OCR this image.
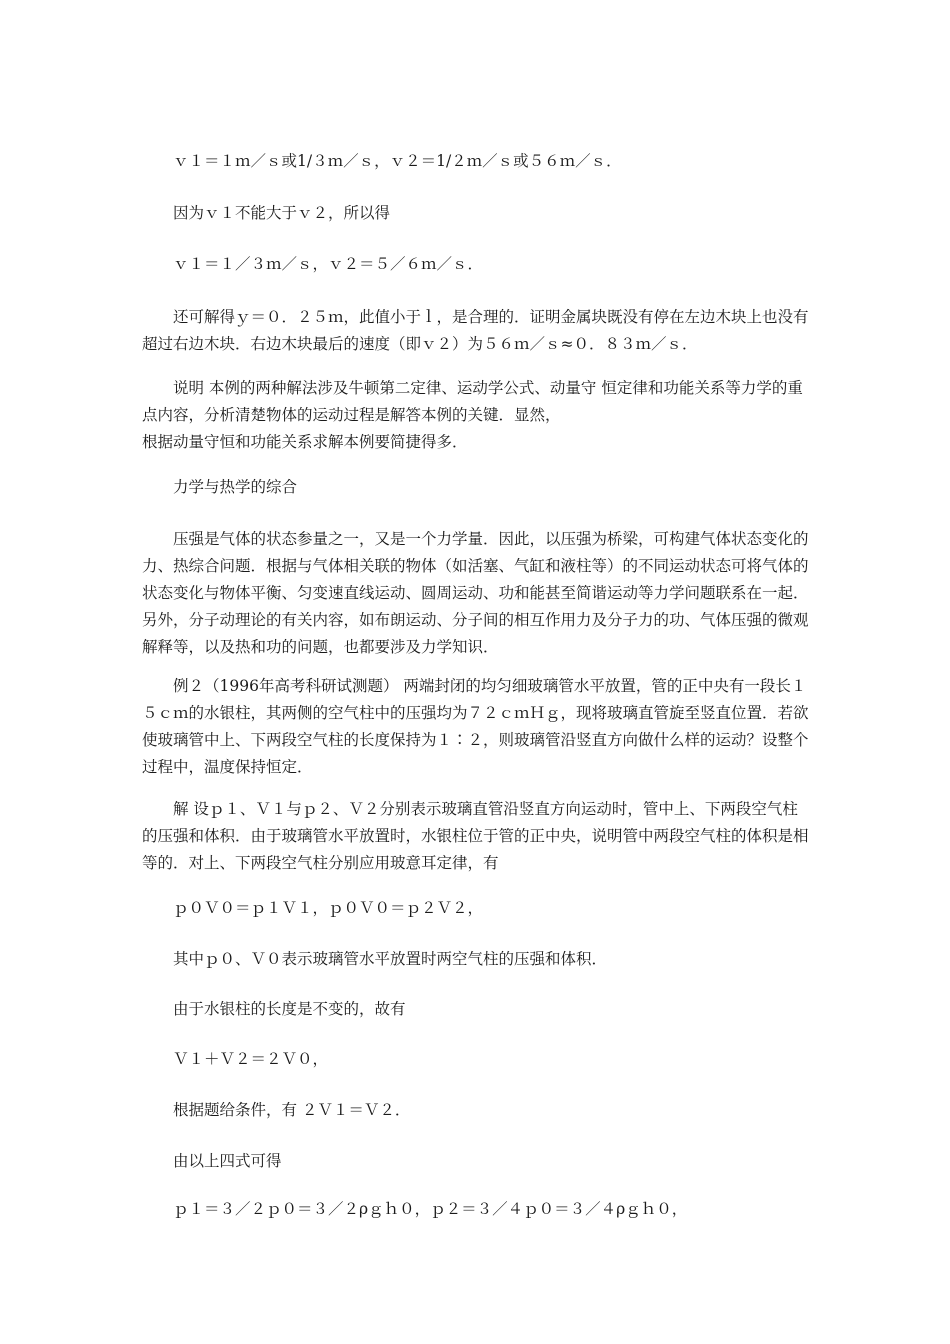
ｖ１＝１ｍ／ｓ或1/３ｍ／ｓ，ｖ２＝1/２ｍ／ｓ或５６ｍ／ｓ．
因为ｖ１不能大于ｖ２，所以得
ｖ１＝１／３ｍ／ｓ，ｖ２＝５／６ｍ／ｓ．
还可解得ｙ＝０．２５ｍ，此值小于ｌ，是合理的．证明金属块既没有停在左边木块上也没有超过右边木块．右边木块最后的速度（即ｖ２）为５６ｍ／ｓ≈０．８３ｍ／ｓ．
说明 本例的两种解法涉及牛顿第二定律、运动学公式、动量守 恒定律和功能关系等力学的重点内容，分析清楚物体的运动过程是解答本例的关键．显然，
根据动量守恒和功能关系求解本例要简捷得多．
力学与热学的综合
压强是气体的状态参量之一，又是一个力学量．因此，以压强为桥梁，可构建气体状态变化的力、热综合问题．根据与气体相关联的物体（如活塞、气缸和液柱等）的不同运动状态可将气体的状态变化与物体平衡、匀变速直线运动、圆周运动、功和能甚至简谐运动等力学问题联系在一起．另外，分子动理论的有关内容，如布朗运动、分子间的相互作用力及分子力的功、气体压强的微观解释等，以及热和功的问题，也都要涉及力学知识．
例２（1996年高考科研试测题） 两端封闭的均匀细玻璃管水平放置，管的正中央有一段长１５ｃｍ的水银柱，其两侧的空气柱中的压强均为７２ｃｍＨｇ，现将玻璃直管旋至竖直位置．若欲使玻璃管中上、下两段空气柱的长度保持为１∶２，则玻璃管沿竖直方向做什么样的运动？设整个过程中，温度保持恒定．
解 设ｐ１、Ｖ１与ｐ２、Ｖ２分别表示玻璃直管沿竖直方向运动时，管中上、下两段空气柱的压强和体积．由于玻璃管水平放置时，水银柱位于管的正中央，说明管中两段空气柱的体积是相等的．对上、下两段空气柱分别应用玻意耳定律，有
ｐ０Ｖ０＝ｐ１Ｖ１，ｐ０Ｖ０＝ｐ２Ｖ２，
其中ｐ０、Ｖ０表示玻璃管水平放置时两空气柱的压强和体积．
由于水银柱的长度是不变的，故有
Ｖ１＋Ｖ２＝２Ｖ０，
根据题给条件，有 ２Ｖ１＝Ｖ２．
由以上四式可得
ｐ１＝３／２ｐ０＝３／２ρｇｈ０，ｐ２＝３／４ｐ０＝３／４ρｇｈ０，
